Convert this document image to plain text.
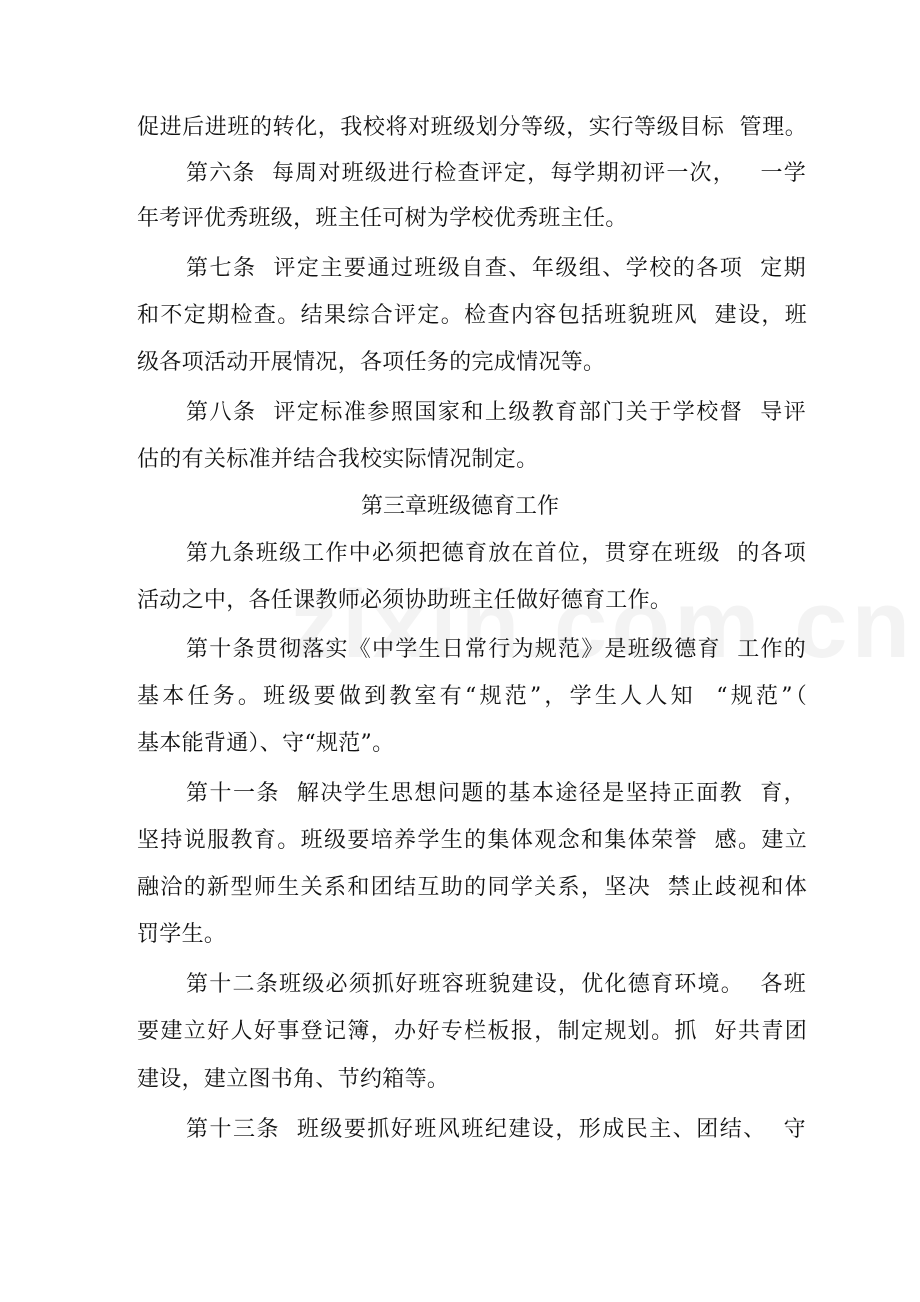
促进后进班的转化，我校将对班级划分等级，实行等级目标  管理。
第六条  每周对班级进行检查评定，每学期初评一次，   一学
年考评优秀班级，班主任可树为学校优秀班主任。
第七条  评定主要通过班级自查、年级组、学校的各项  定期
和不定期检查。结果综合评定。检查内容包括班貌班风  建设，班
级各项活动开展情况，各项任务的完成情况等。
第八条  评定标准参照国家和上级教育部门关于学校督  导评
估的有关标准并结合我校实际情况制定。
第三章班级德育工作
第九条班级工作中必须把德育放在首位，贯穿在班级  的各项
活动之中，各任课教师必须协助班主任做好德育工作。
第十条贯彻落实《中学生日常行为规范》是班级德育  工作的
基本任务。班级要做到教室有“规范”，学生人人知  “规范”（
基本能背通）、守“规范”。
第十一条  解决学生思想问题的基本途径是坚持正面教  育，
坚持说服教育。班级要培养学生的集体观念和集体荣誉  感。建立
融洽的新型师生关系和团结互助的同学关系，坚决  禁止歧视和体
罚学生。
第十二条班级必须抓好班容班貌建设，优化德育环境。  各班
要建立好人好事登记簿，办好专栏板报，制定规划。抓  好共青团
建设，建立图书角、节约箱等。
第十三条  班级要抓好班风班纪建设，形成民主、团结、  守
